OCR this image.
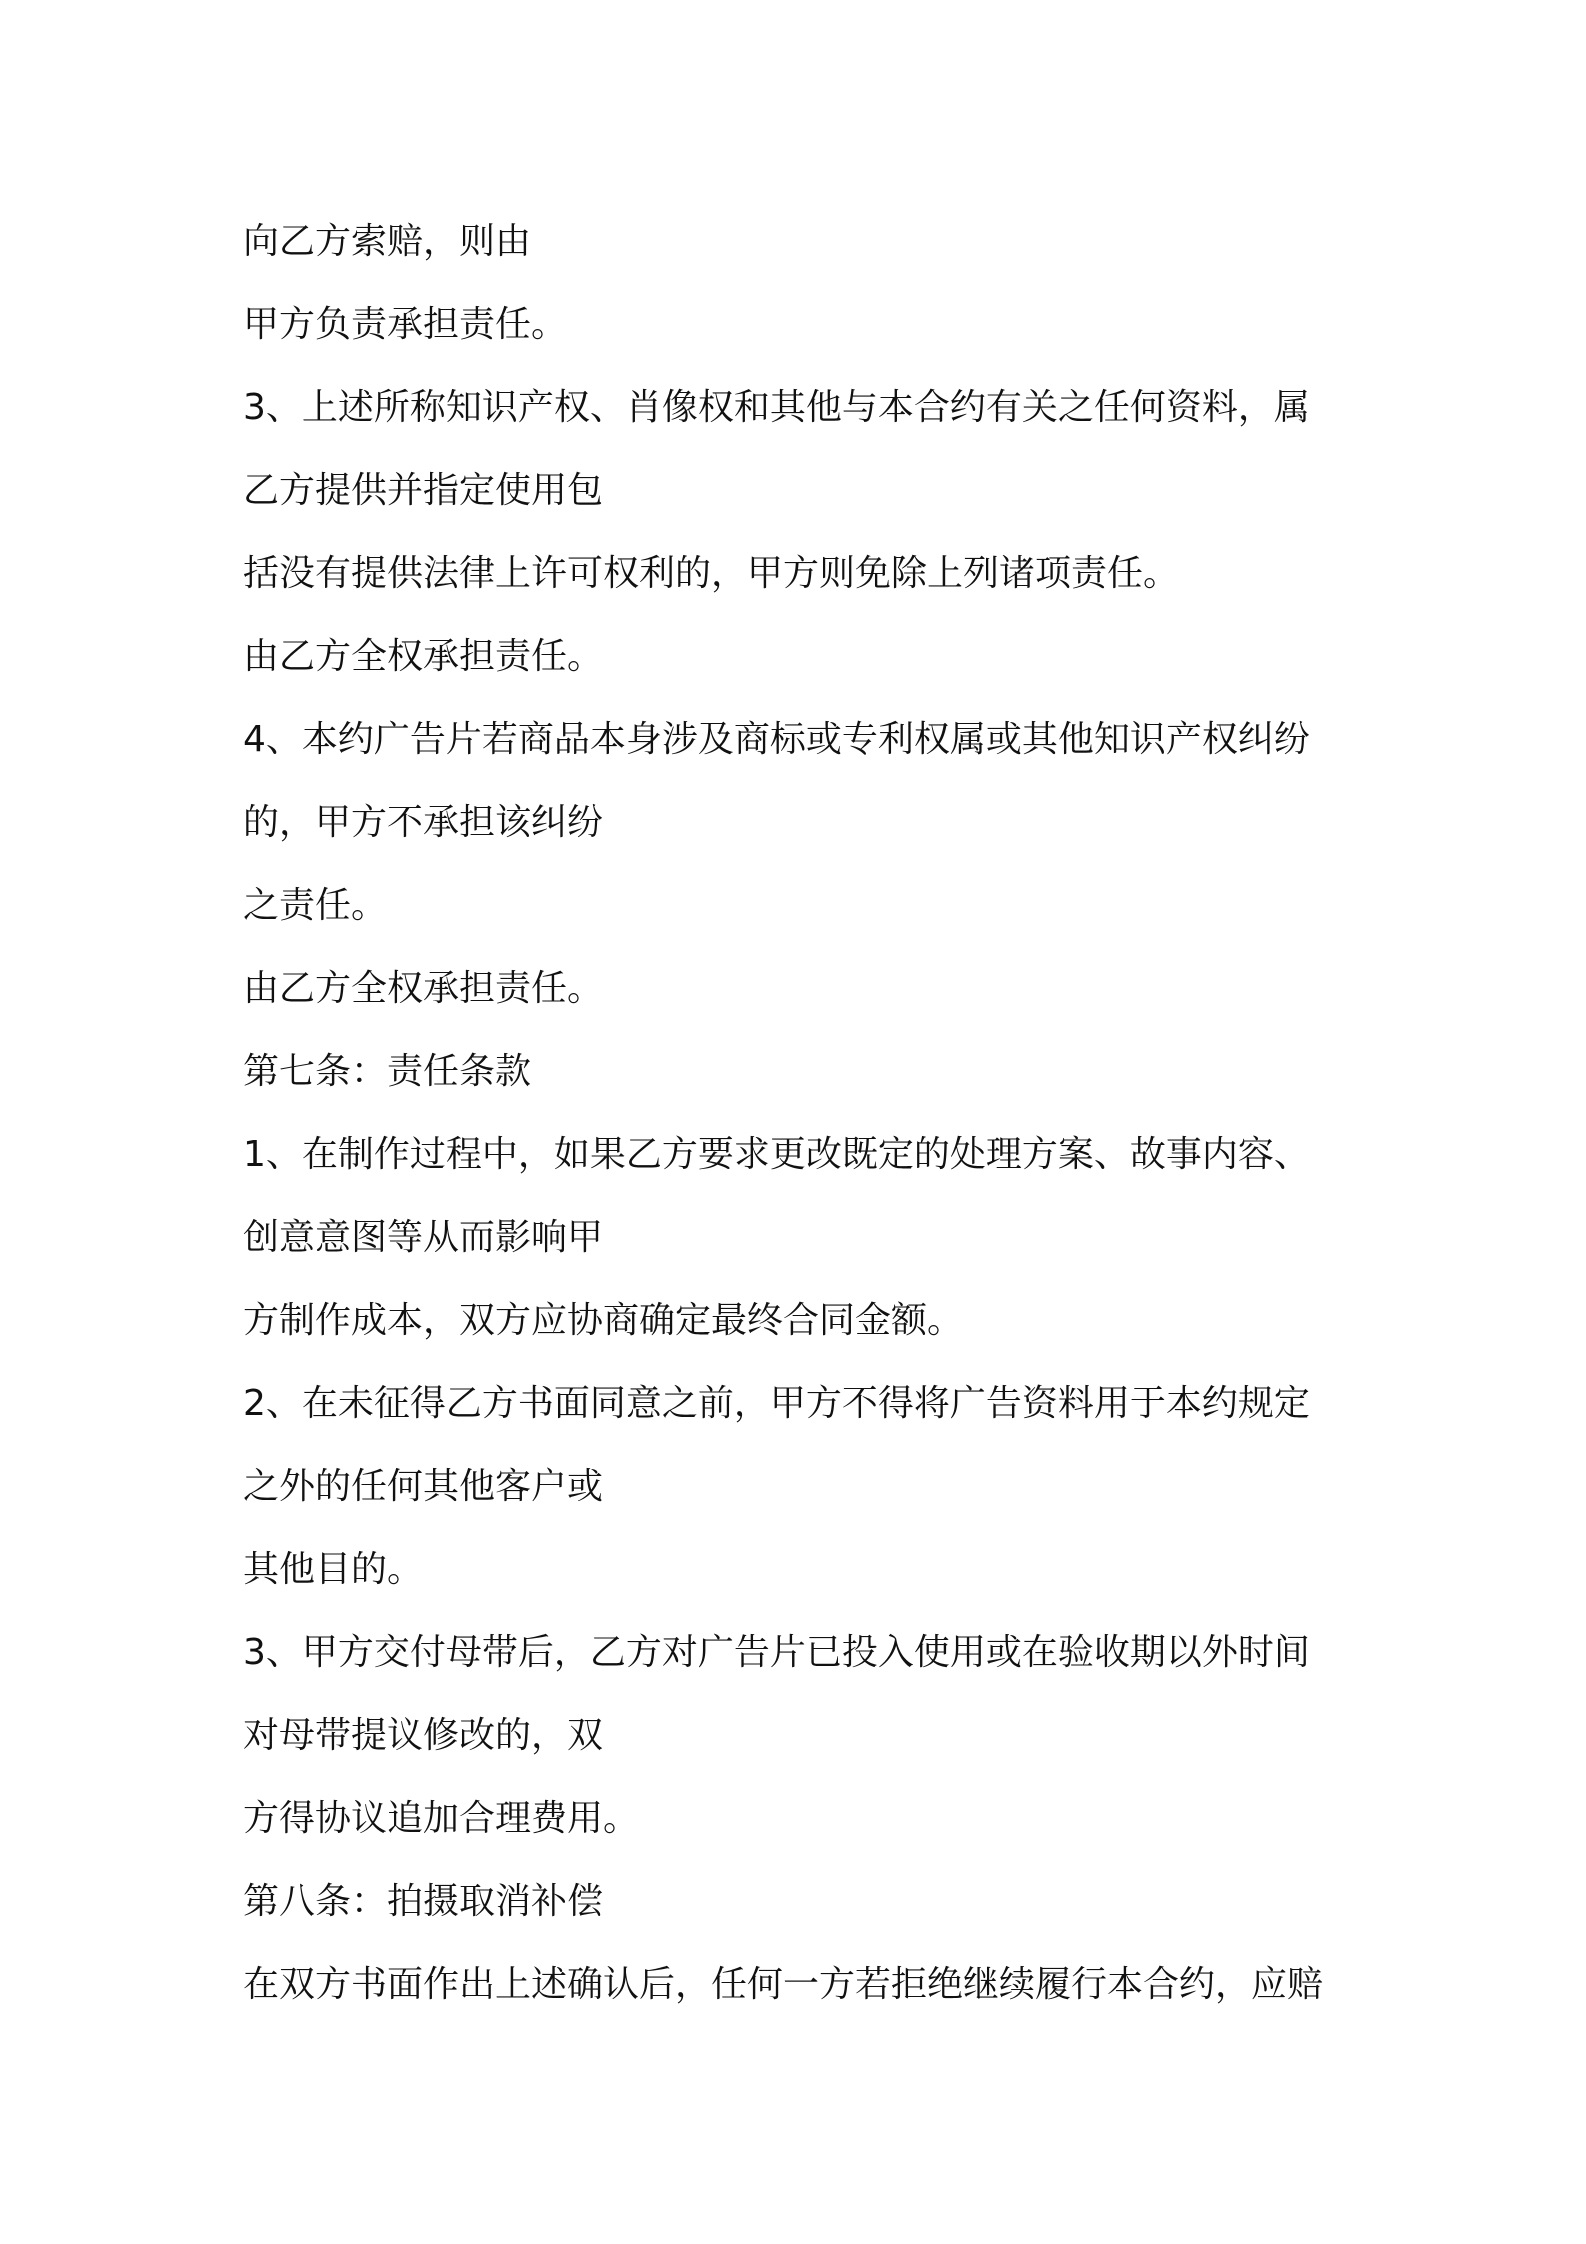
向乙方索赔，则由
甲方负责承担责任。
3、上述所称知识产权、肖像权和其他与本合约有关之任何资料，属
乙方提供并指定使用包
括没有提供法律上许可权利的，甲方则免除上列诸项责任。
由乙方全权承担责任。
4、本约广告片若商品本身涉及商标或专利权属或其他知识产权纠纷
的，甲方不承担该纠纷
之责任。
由乙方全权承担责任。
第七条：责任条款
1、在制作过程中，如果乙方要求更改既定的处理方案、故事内容、
创意意图等从而影响甲
方制作成本，双方应协商确定最终合同金额。
2、在未征得乙方书面同意之前，甲方不得将广告资料用于本约规定
之外的任何其他客户或
其他目的。
3、甲方交付母带后，乙方对广告片已投入使用或在验收期以外时间
对母带提议修改的，双
方得协议追加合理费用。
第八条：拍摄取消补偿
在双方书面作出上述确认后，任何一方若拒绝继续履行本合约，应赔
